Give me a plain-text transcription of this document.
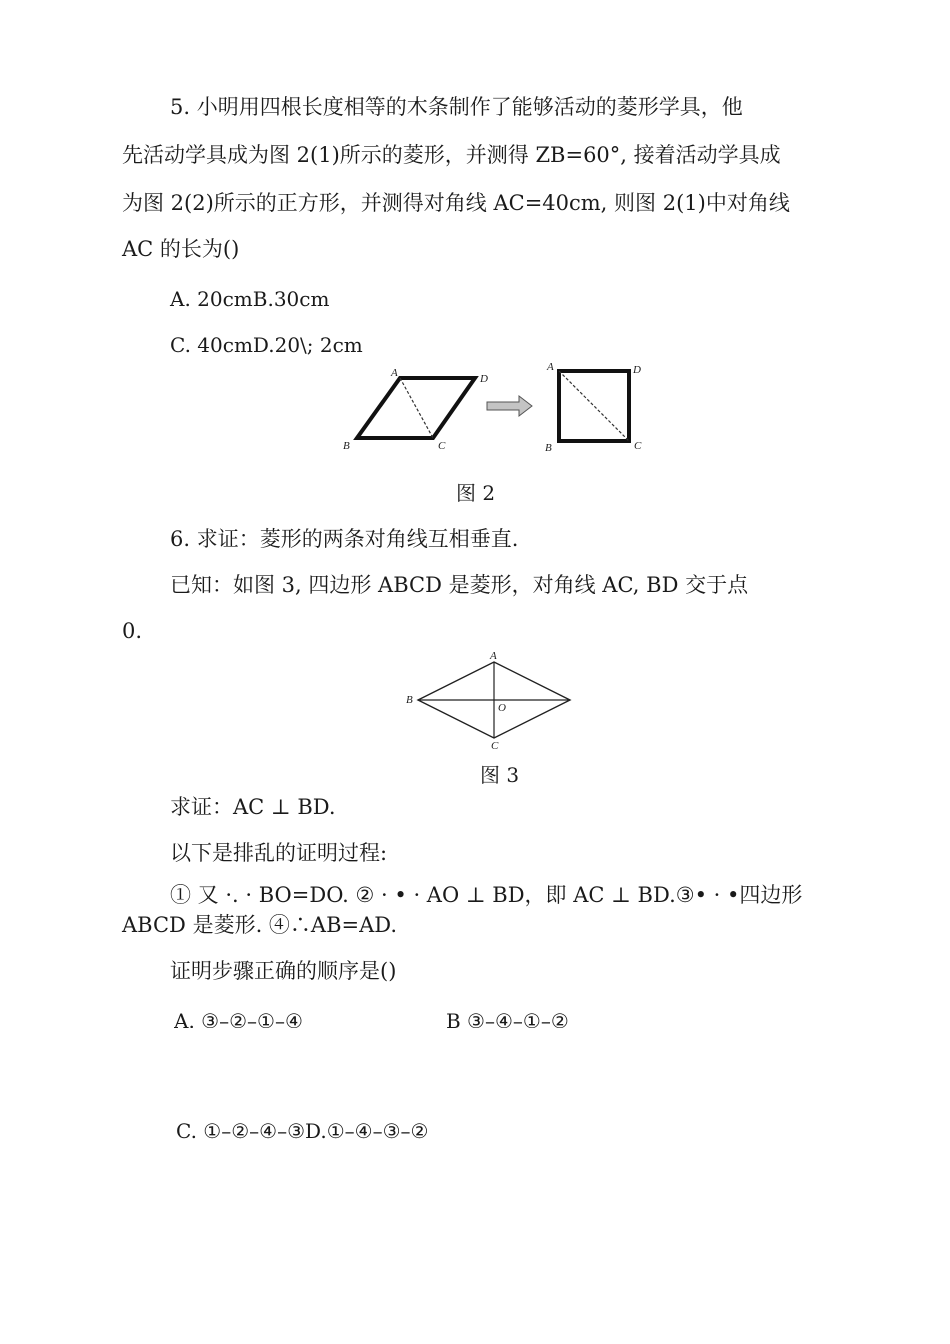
5. 小明用四根长度相等的木条制作了能够活动的菱形学具，他
先活动学具成为图 2(1)所示的菱形，并测得 ZB=60°, 接着活动学具成
为图 2(2)所示的正方形，并测得对角线 AC=40cm, 则图 2(1)中对角线
AC 的长为()
A. 20cmB.30cm
C. 40cmD.20\; 2cm
A	D
B	C
A	D
B	C
图 2
6. 求证：菱形的两条对角线互相垂直.
已知：如图 3, 四边形 ABCD 是菱形，对角线 AC, BD 交于点
0.
A
B
C
O
图 3
求证：AC ⊥ BD.
以下是排乱的证明过程:
① 又 ·. · BO=DO. ② · • · AO ⊥ BD，即 AC ⊥ BD.③• · •四边形
ABCD 是菱形. ④∴AB=AD.
证明步骤正确的顺序是()
A. ③–②–①–④	B ③–④–①–②
C. ①–②–④–③D.①–④–③–②
